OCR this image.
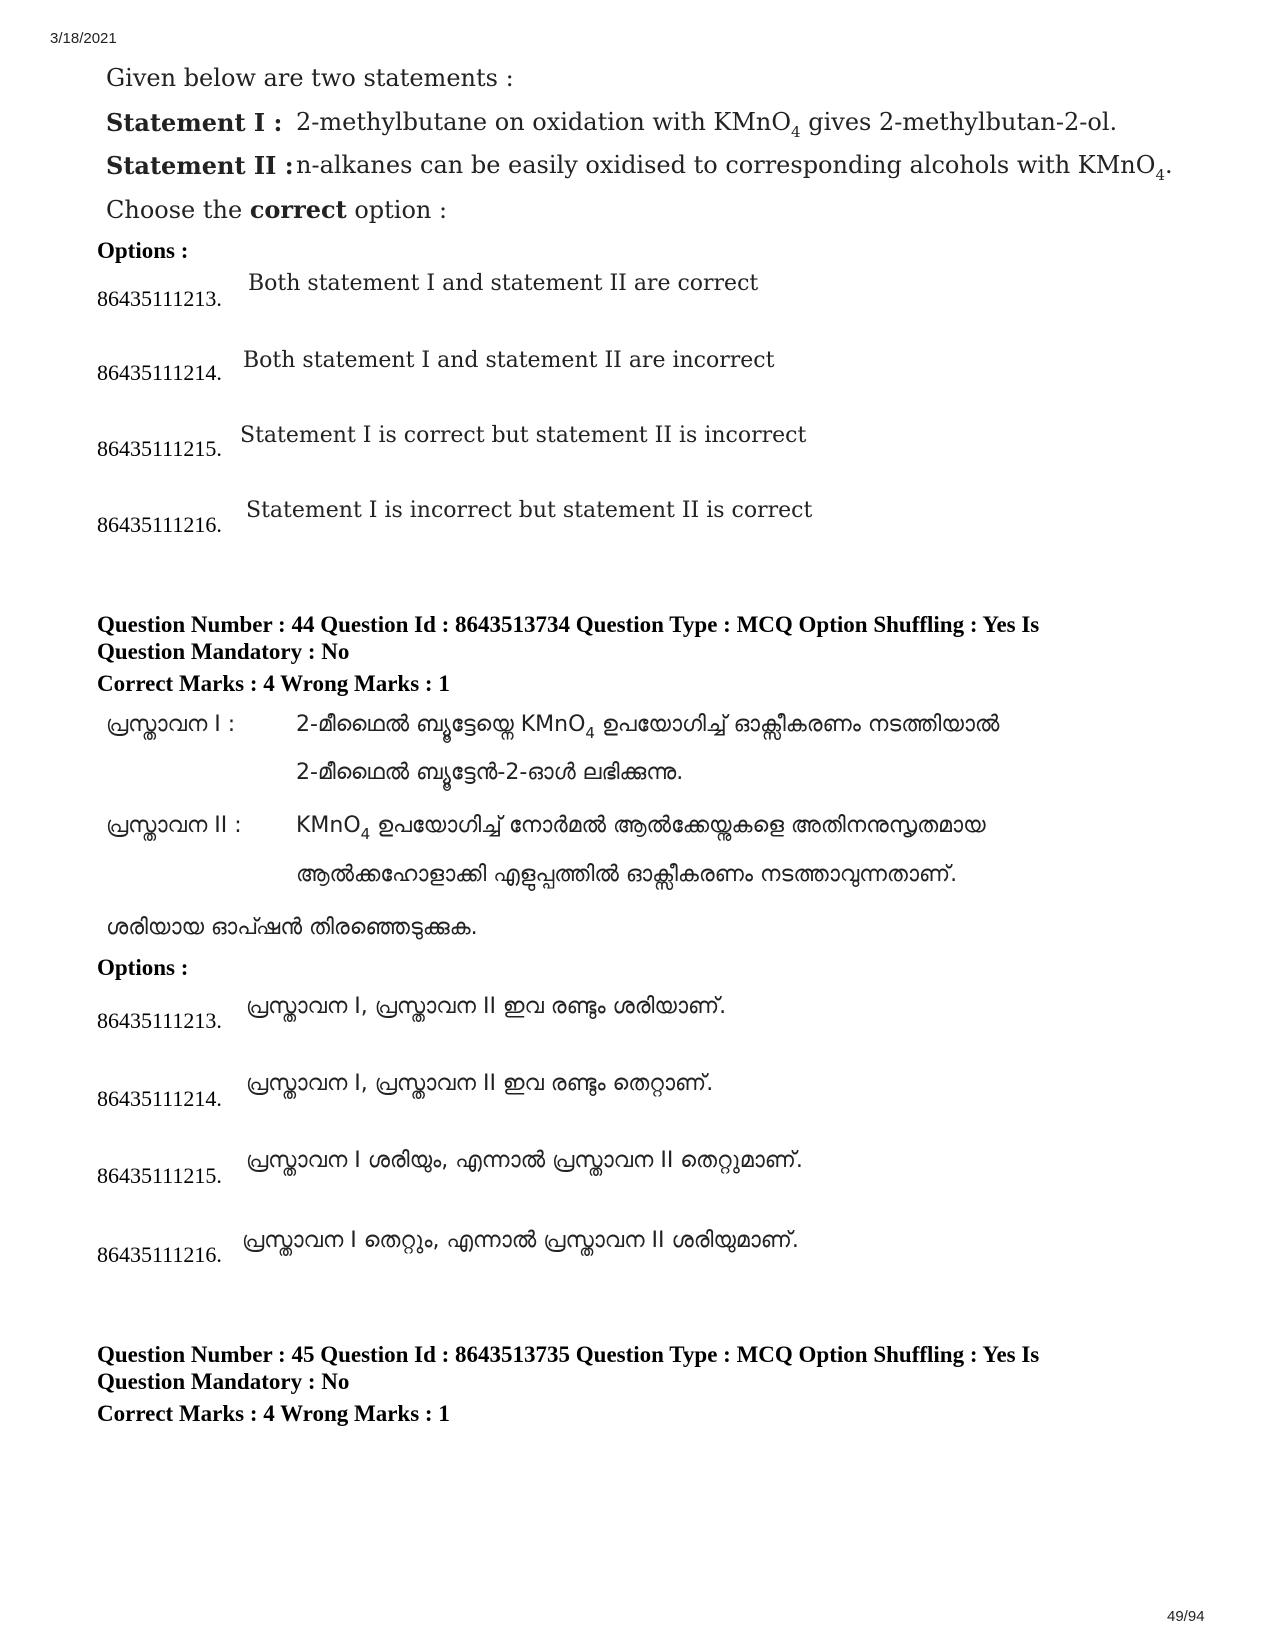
3/18/2021
49/94
Given below are two statements :
Statement I : 2-methylbutane on oxidation with KMnO$_4$ gives 2-methylbutan-2-ol.
Statement II : n-alkanes can be easily oxidised to corresponding alcohols with KMnO$_4$.
Choose the correct option :
Options :
86435111213.
Both statement I and statement II are correct
86435111214. Both statement I and statement II are incorrect
86435111215.
Statement I is correct but statement II is incorrect
86435111216.
Statement I is incorrect but statement II is correct
Question Number : 44 Question Id : 8643513734 Question Type : MCQ Option Shuffling : Yes Is
Question Mandatory : No
Correct Marks : 4 Wrong Marks : 1
പ്രസ്താവന I :	2-മീഥൈൽ ബ്യൂട്ടേയ്നെ KMnO$_4$ ഉപയോഗിച്ച് ഓക്സീകരണം നടത്തിയാൽ
2-മീഥൈൽ ബ്യൂട്ടേൻ-2-ഓൾ ലഭിക്കുന്നു.
പ്രസ്താവന II : KMnO$_4$ ഉപയോഗിച്ച് നോർമൽ ആൽക്കേയ്നുകളെ അതിനനുസൃതമായ
ആൽക്കഹോളാക്കി എളുപ്പത്തിൽ ഓക്സീകരണം നടത്താവുന്നതാണ്.
ശരിയായ ഓപ്ഷൻ തിരഞ്ഞെടുക്കുക.
Options :
86435111213.
പ്രസ്താവന I, പ്രസ്താവന II ഇവ രണ്ടും ശരിയാണ്.
86435111214.
പ്രസ്താവന I, പ്രസ്താവന II ഇവ രണ്ടും തെറ്റാണ്.
86435111215.
പ്രസ്താവന I ശരിയും, എന്നാൽ പ്രസ്താവന II തെറ്റുമാണ്.
86435111216.
പ്രസ്താവന I തെറ്റും, എന്നാൽ പ്രസ്താവന II ശരിയുമാണ്.
Question Number : 45 Question Id : 8643513735 Question Type : MCQ Option Shuffling : Yes Is
Question Mandatory : No
Correct Marks : 4 Wrong Marks : 1
